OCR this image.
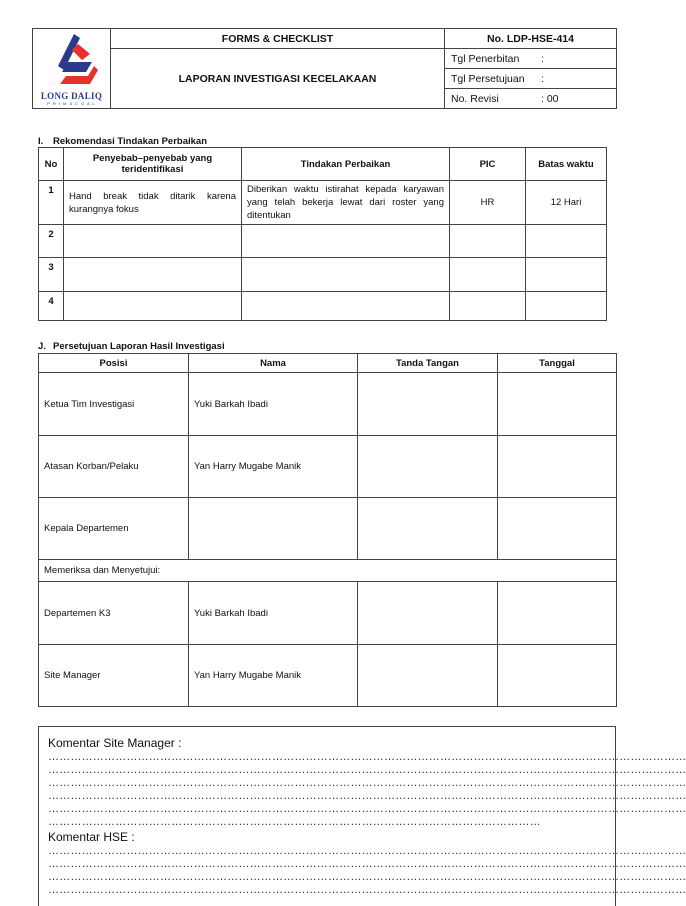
LONG DALIQ
P R I M A C O A L	FORMS & CHECKLIST	No. LDP-HSE-414
	LAPORAN INVESTIGASI KECELAKAAN	Tgl Penerbitan :
		Tgl Persetujuan :
		No. Revisi : 00
I. Rekomendasi Tindakan Perbaikan
No	Penyebab–penyebab yang teridentifikasi	Tindakan Perbaikan	PIC	Batas waktu
1	Hand break tidak ditarik karena kurangnya fokus	Diberikan waktu istirahat kepada karyawan yang telah bekerja lewat dari roster yang ditentukan	HR	12 Hari
2				
3				
4				
J. Persetujuan Laporan Hasil Investigasi
Posisi	Nama	Tanda Tangan	Tanggal
Ketua Tim Investigasi	Yuki Barkah Ibadi		
Atasan Korban/Pelaku	Yan Harry Mugabe Manik		
Kepala Departemen			
Memeriksa dan Menyetujui:			
Departemen K3	Yuki Barkah Ibadi		
Site Manager	Yan Harry Mugabe Manik		
Komentar Site Manager :
………………………………………………………………………………………………………………………………………………………
………………………………………………………………………………………………………………………………………………………
………………………………………………………………………………………………………………………………………………………
………………………………………………………………………………………………………………………………………………………
………………………………………………………………………………………………………………………………………………………
……………………………………………………………………………………………………………………
Komentar HSE :
………………………………………………………………………………………………………………………………………………………
………………………………………………………………………………………………………………………………………………………
………………………………………………………………………………………………………………………………………………………
………………………………………………………………………………………………………………………………………………………
